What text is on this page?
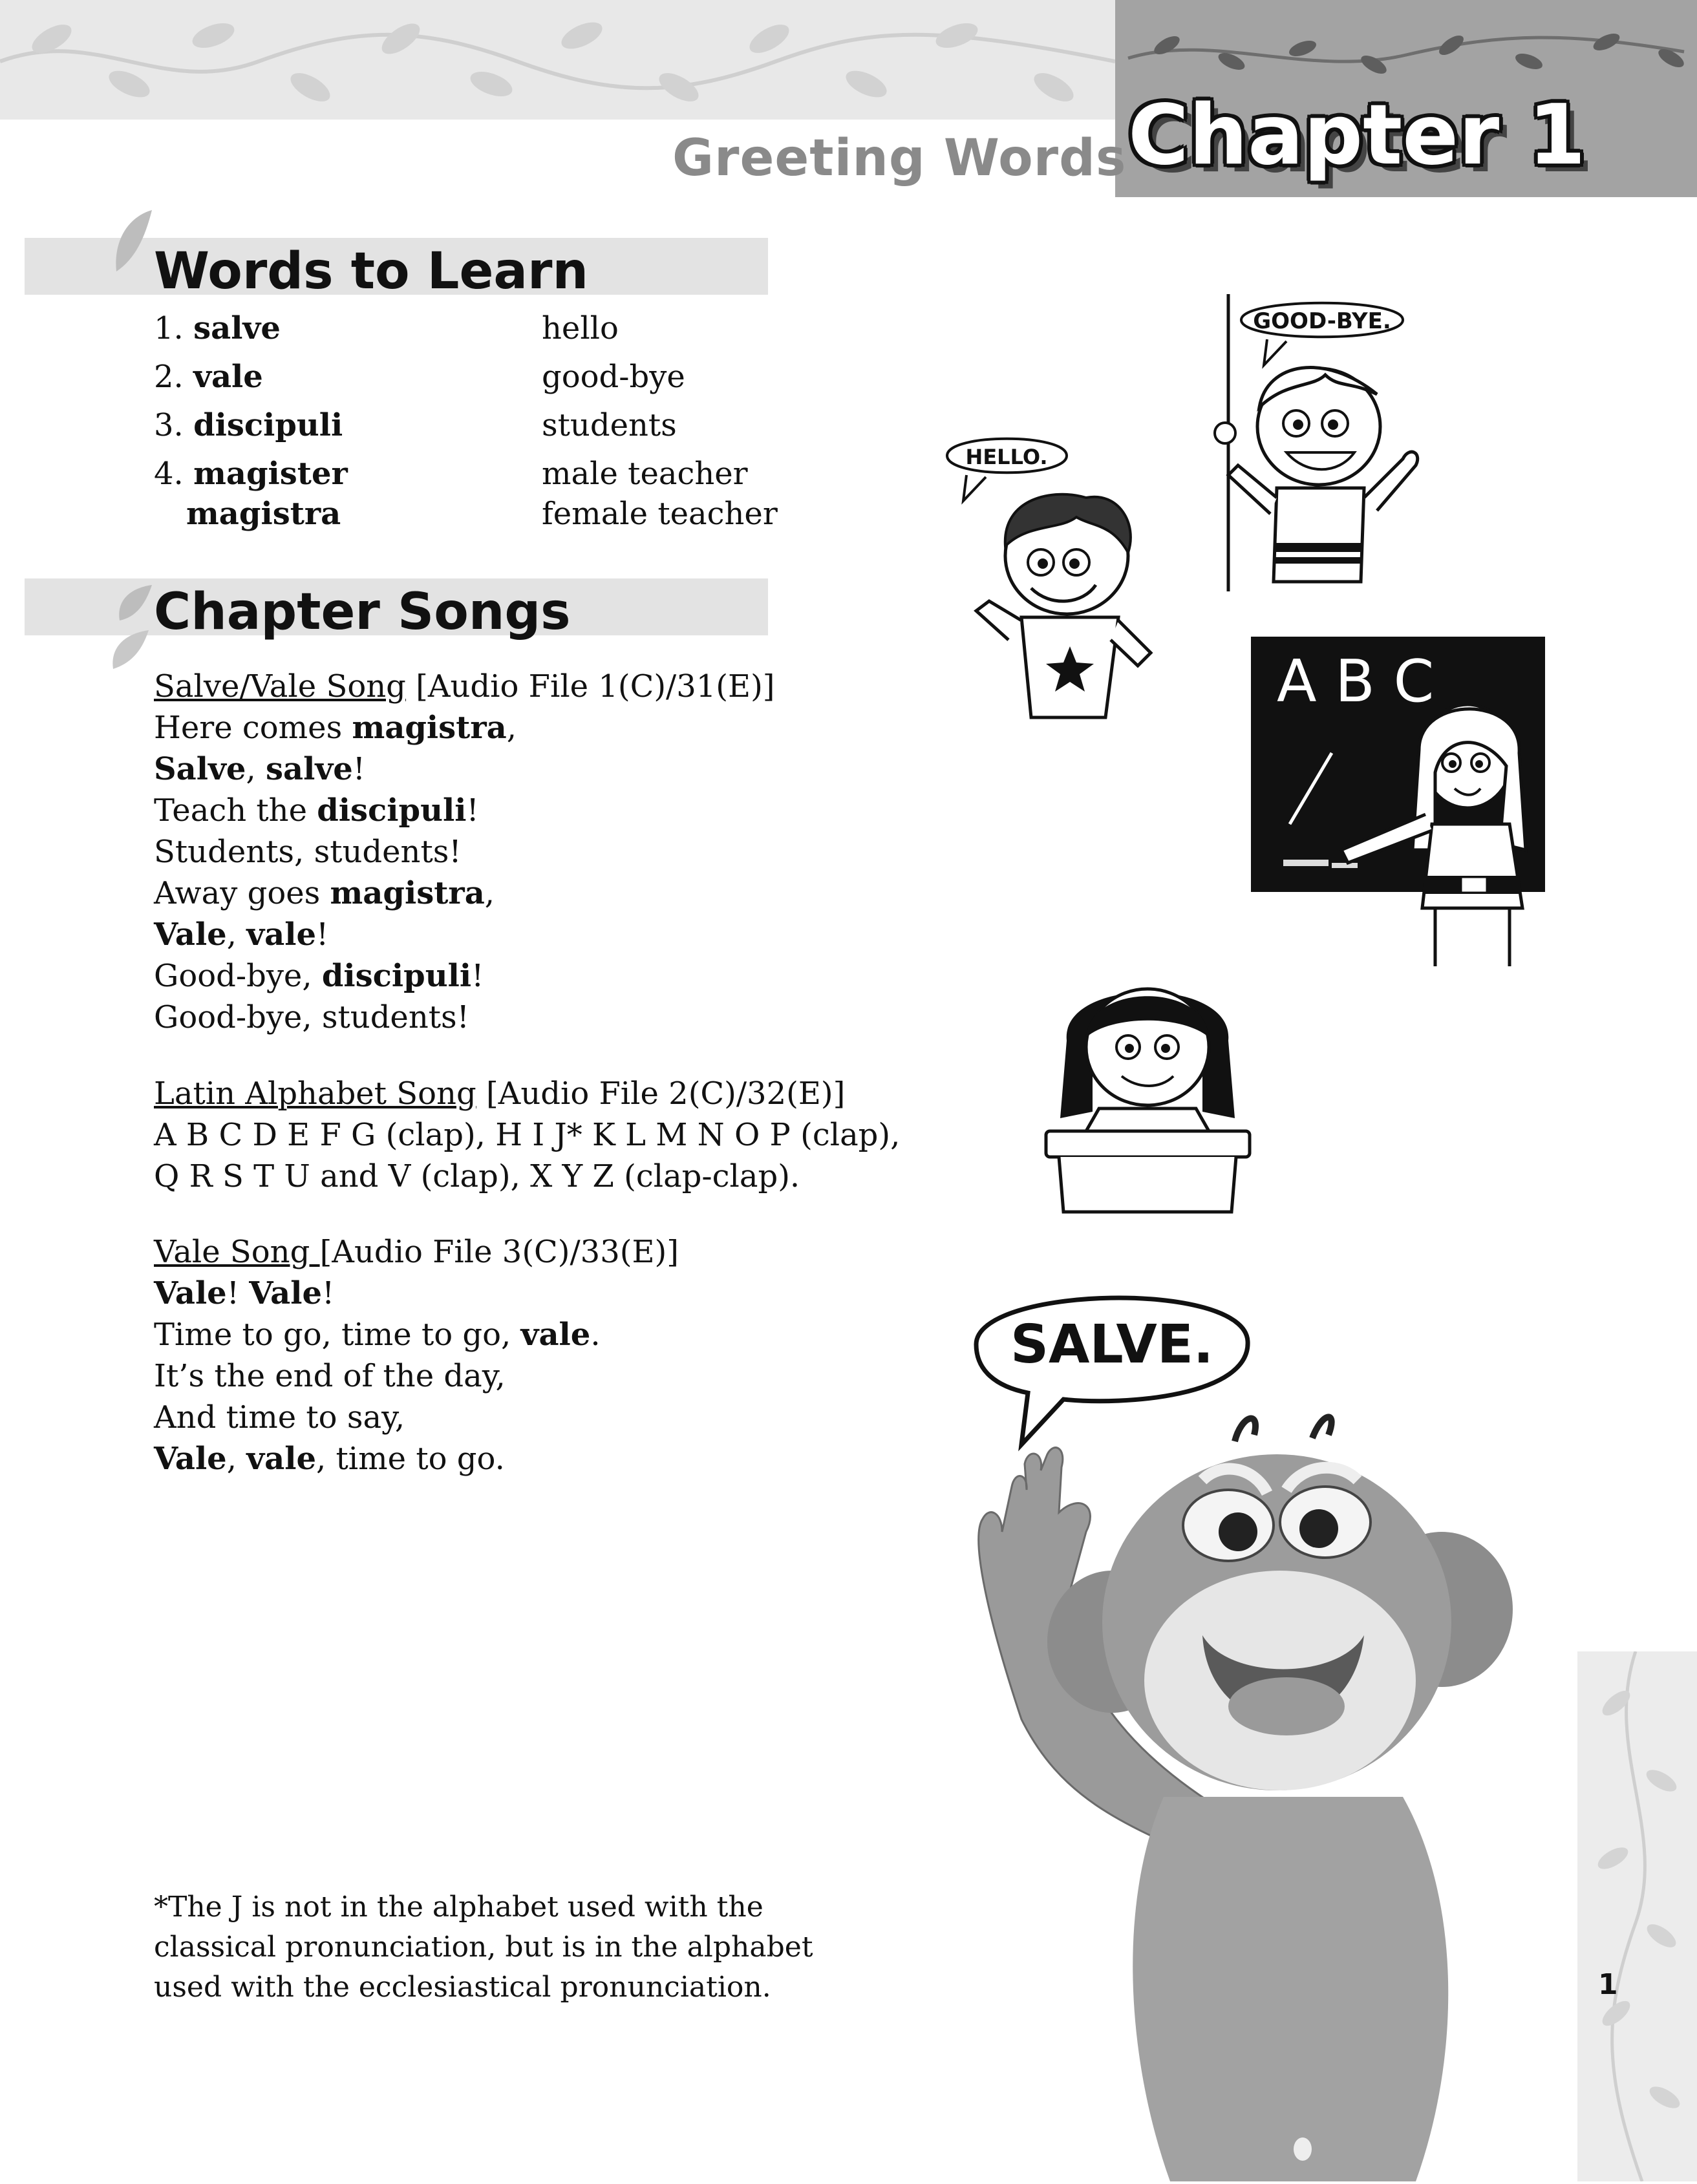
Greeting Words Chapter 1
Words to Learn
1. salve	hello
2. vale	good-bye
3. discipuli	students
4. magister	male teacher
magistra	female teacher
Chapter Songs
Salve/Vale Song [Audio File 1(C)/31(E)]
Here comes magistra,
Salve, salve!
Teach the discipuli!
Students, students!
Away goes magistra,
Vale, vale!
Good-bye, discipuli!
Good-bye, students!
Latin Alphabet Song [Audio File 2(C)/32(E)]
A B C D E F G (clap), H I J* K L M N O P (clap),
Q R S T U and V (clap), X Y Z (clap-clap).
Vale Song [Audio File 3(C)/33(E)]
Vale! Vale!
Time to go, time to go, vale.
It’s the end of the day,
And time to say,
Vale, vale, time to go.
*The J is not in the alphabet used with the
classical pronunciation, but is in the alphabet
used with the ecclesiastical pronunciation.	1
GOOD-BYE.
HELLO.
A B C
SALVE.
